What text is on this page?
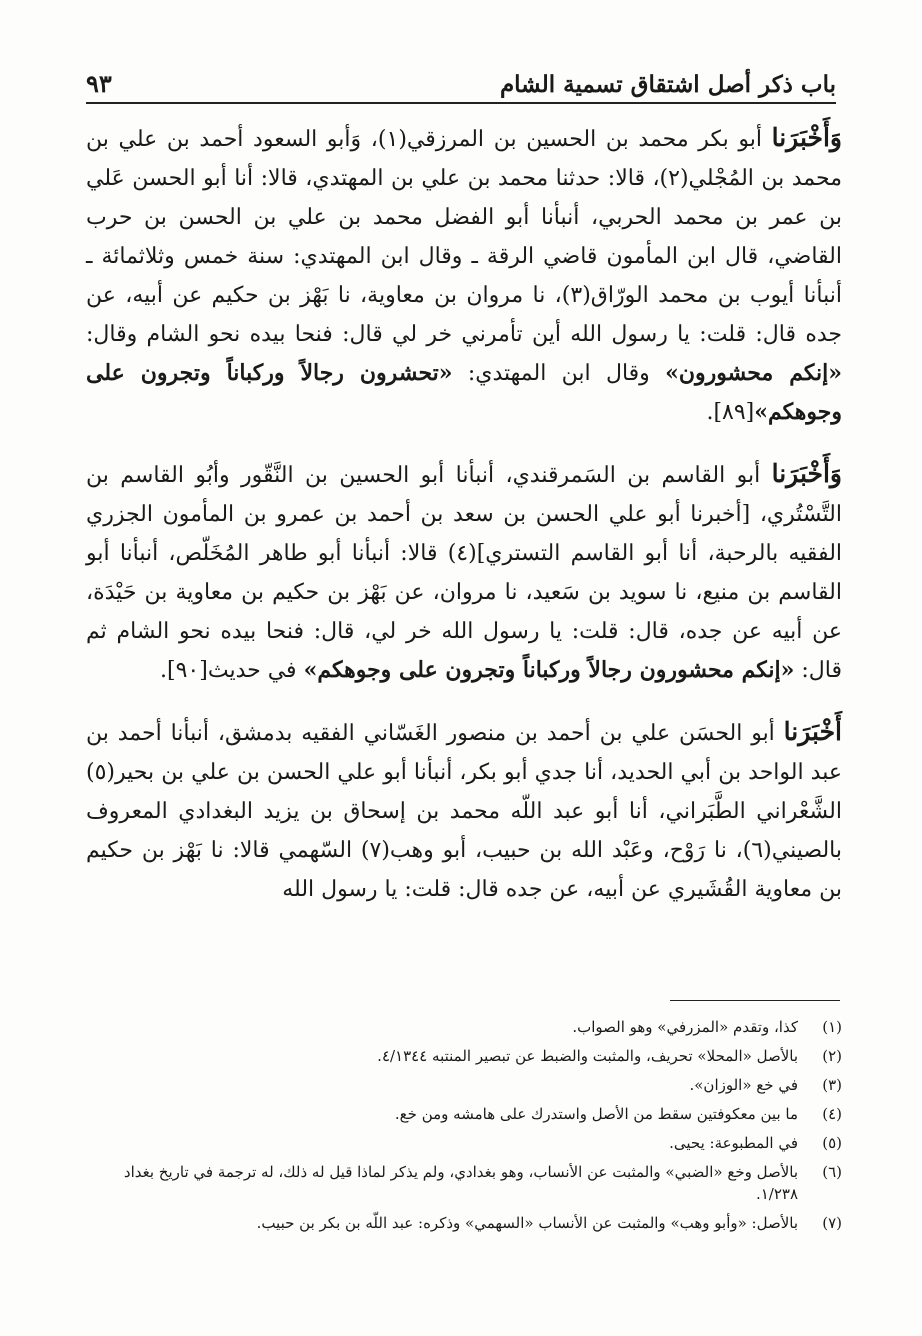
باب ذكر أصل اشتقاق تسمية الشام
٩٣

وَأَخْبَرَنا أبو بكر محمد بن الحسين بن المرزقي(١)، وَأبو السعود أحمد بن علي بن محمد بن المُجْلي(٢)، قالا: حدثنا محمد بن علي بن المهتدي، قالا: أنا أبو الحسن عَلي بن عمر بن محمد الحربي، أنبأنا أبو الفضل محمد بن علي بن الحسن بن حرب القاضي، قال ابن المأمون قاضي الرقة ـ وقال ابن المهتدي: سنة خمس وثلاثمائة ـ أنبأنا أيوب بن محمد الورّاق(٣)، نا مروان بن معاوية، نا بَهْز بن حكيم عن أبيه، عن جده قال: قلت: يا رسول الله أين تأمرني خر لي قال: فنحا بيده نحو الشام وقال: «إنكم محشورون» وقال ابن المهتدي: «تحشرون رجالاً وركباناً وتجرون على وجوهكم»[٨٩].

وَأَخْبَرَنا أبو القاسم بن السَمرقندي، أنبأنا أبو الحسين بن النَّقّور وأبُو القاسم بن التَّسْتُري، [أخبرنا أبو علي الحسن بن سعد بن أحمد بن عمرو بن المأمون الجزري الفقيه بالرحبة، أنا أبو القاسم التستري](٤) قالا: أنبأنا أبو طاهر المُخَلّص، أنبأنا أبو القاسم بن منيع، نا سويد بن سَعيد، نا مروان، عن بَهْز بن حكيم بن معاوية بن حَيْدَة، عن أبيه عن جده، قال: قلت: يا رسول الله خر لي، قال: فنحا بيده نحو الشام ثم قال: «إنكم محشورون رجالاً وركباناً وتجرون على وجوهكم» في حديث[٩٠].

أَخْبَرَنا أبو الحسَن علي بن أحمد بن منصور الغَسّاني الفقيه بدمشق، أنبأنا أحمد بن عبد الواحد بن أبي الحديد، أنا جدي أبو بكر، أنبأنا أبو علي الحسن بن علي بن بحير(٥) الشَّعْراني الطَّبَراني، أنا أبو عبد اللّه محمد بن إسحاق بن يزيد البغدادي المعروف بالصيني(٦)، نا رَوْح، وعَبْد الله بن حبيب، أبو وهب(٧) السّهمي قالا: نا بَهْز بن حكيم بن معاوية القُشَيري عن أبيه، عن جده قال: قلت: يا رسول الله

(١)
كذا، وتقدم «المزرفي» وهو الصواب.
(٢)
بالأصل «المحلا» تحريف، والمثبت والضبط عن تبصير المنتبه ٤/١٣٤٤.
(٣)
في خع «الوزان».
(٤)
ما بين معكوفتين سقط من الأصل واستدرك على هامشه ومن خع.
(٥)
في المطبوعة: يحيى.
(٦)
بالأصل وخع «الضبي» والمثبت عن الأنساب، وهو بغدادي، ولم يذكر لماذا قيل له ذلك، له ترجمة في تاريخ بغداد ١/٢٣٨.
(٧)
بالأصل: «وأبو وهب» والمثبت عن الأنساب «السهمي» وذكره: عبد اللّه بن بكر بن حبيب.
